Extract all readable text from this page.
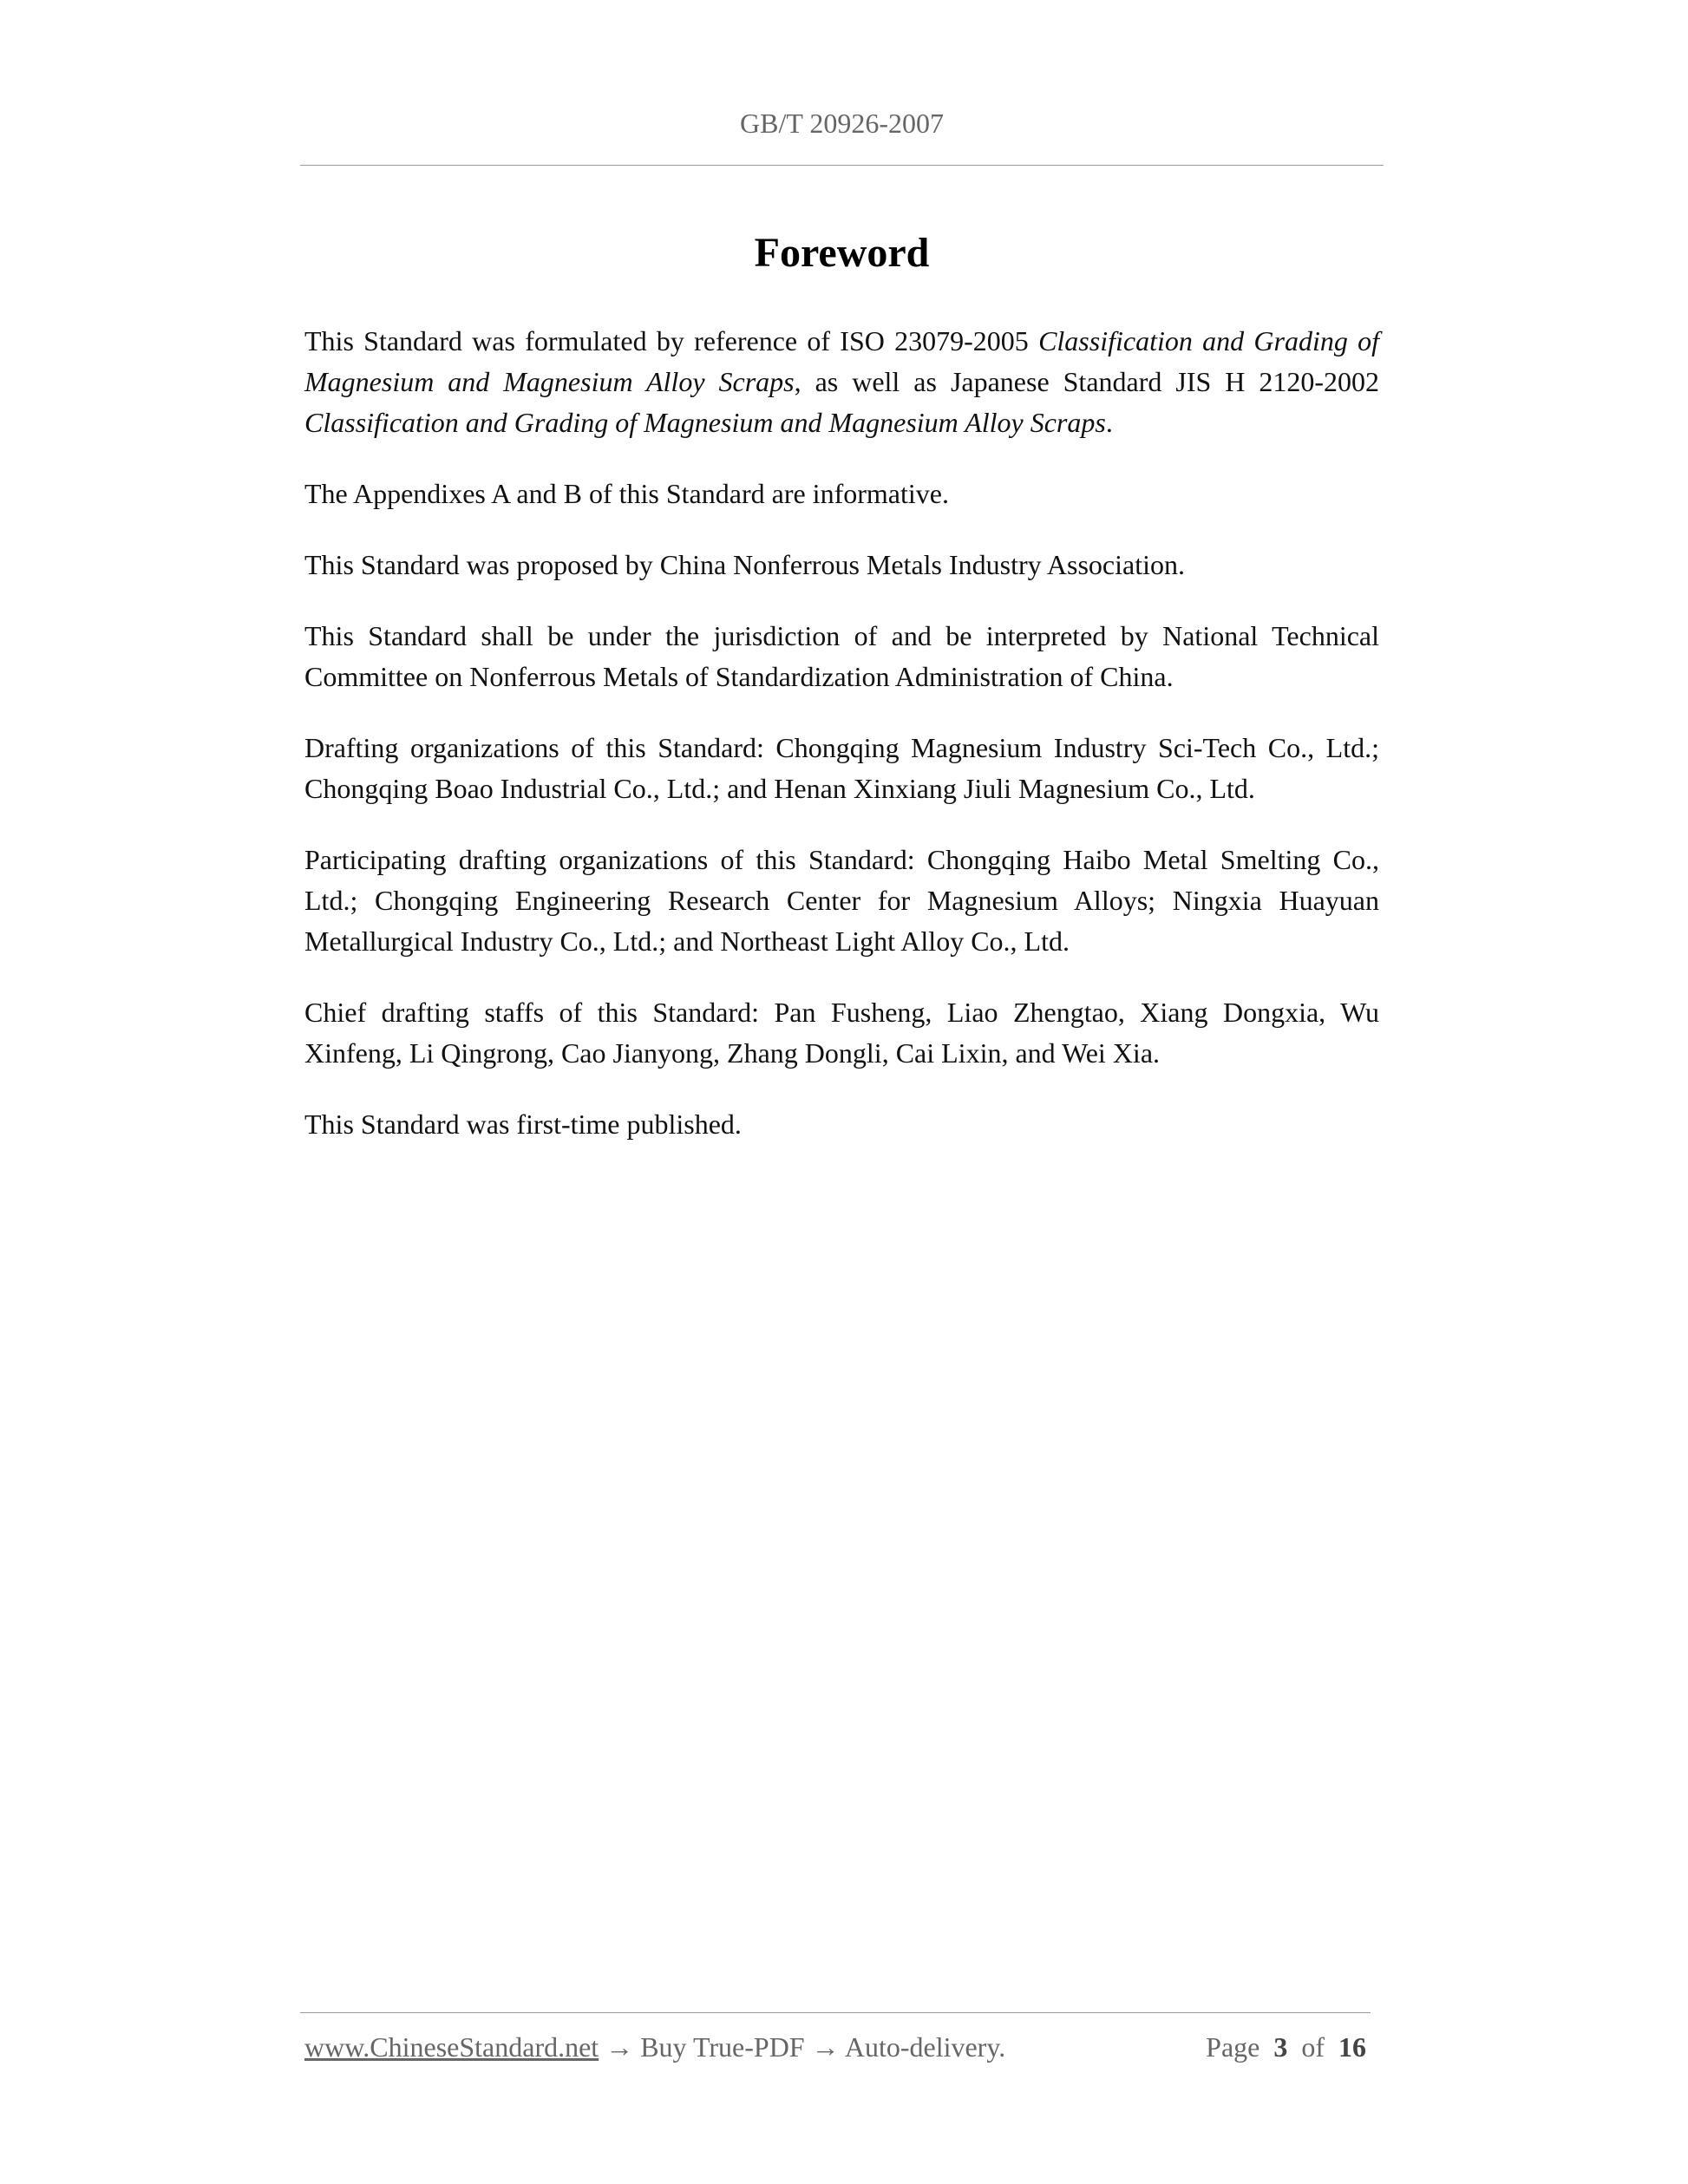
GB/T 20926-2007
Foreword

This Standard was formulated by reference of ISO 23079-2005 Classification and Grading of Magnesium and Magnesium Alloy Scraps, as well as Japanese Standard JIS H 2120-2002 Classification and Grading of Magnesium and Magnesium Alloy Scraps.

The Appendixes A and B of this Standard are informative.

This Standard was proposed by China Nonferrous Metals Industry Association.

This Standard shall be under the jurisdiction of and be interpreted by National Technical Committee on Nonferrous Metals of Standardization Administration of China.

Drafting organizations of this Standard: Chongqing Magnesium Industry Sci-Tech Co., Ltd.; Chongqing Boao Industrial Co., Ltd.; and Henan Xinxiang Jiuli Magnesium Co., Ltd.

Participating drafting organizations of this Standard: Chongqing Haibo Metal Smelting Co., Ltd.; Chongqing Engineering Research Center for Magnesium Alloys; Ningxia Huayuan Metallurgical Industry Co., Ltd.; and Northeast Light Alloy Co., Ltd.

Chief drafting staffs of this Standard: Pan Fusheng, Liao Zhengtao, Xiang Dongxia, Wu Xinfeng, Li Qingrong, Cao Jianyong, Zhang Dongli, Cai Lixin, and Wei Xia.

This Standard was first-time published.

www.ChineseStandard.net → Buy True-PDF → Auto-delivery.	Page 3 of 16
